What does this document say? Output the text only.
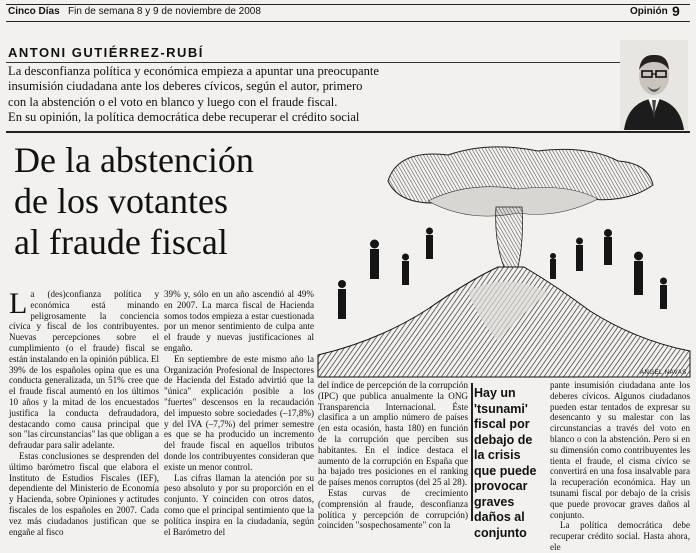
Cinco Días Fin de semana 8 y 9 de noviembre de 2008	Opinión 9
ANTONI GUTIÉRREZ-RUBÍ
La desconfianza política y económica empieza a apuntar una preocupante
insumisión ciudadana ante los deberes cívicos, según el autor, primero
con la abstención o el voto en blanco y luego con el fraude fiscal.
En su opinión, la política democrática debe recuperar el crédito social
De la abstención
de los votantes
al fraude fiscal
ÁNGEL NAVAS
Hay un 'tsunami' fiscal por debajo de la crisis que puede provocar graves daños al conjunto
L a (des)confianza política y económica está minando peligrosamente la conciencia cívica y fiscal de los contribuyentes. Nuevas percepciones sobre el cumplimiento (o el fraude) fiscal se están instalando en la opinión pública. El 39% de los españoles opina que es una conducta generalizada, un 51% cree que el fraude fiscal aumentó en los últimos 10 años y la mitad de los encuestados justifica la conducta defraudadora, destacando como causa principal que son "las circunstancias" las que obligan a defraudar para salir adelante.

Estas conclusiones se desprenden del último barómetro fiscal que elabora el Instituto de Estudios Fiscales (IEF), dependiente del Ministerio de Economía y Hacienda, sobre Opiniones y actitudes fiscales de los españoles en 2007. Cada vez más ciudadanos justifican que se engañe al fisco

39% y, sólo en un año ascendió al 49% en 2007. La marca fiscal de Hacienda somos todos empieza a estar cuestionada por un menor sentimiento de culpa ante el fraude y nuevas justificaciones al engaño.

En septiembre de este mismo año la Organización Profesional de Inspectores de Hacienda del Estado advirtió que la "única" explicación posible a los "fuertes" descensos en la recaudación del impuesto sobre sociedades (–17,8%) y del IVA (–7,7%) del primer semestre es que se ha producido un incremento del fraude fiscal en aquellos tributos donde los contribuyentes consideran que existe un menor control.

Las cifras llaman la atención por su peso absoluto y por su proporción en el conjunto. Y coinciden con otros datos, como que el principal sentimiento que la política inspira en la ciudadanía, según el Barómetro del

del índice de percepción de la corrupción (IPC) que publica anualmente la ONG Transparencia Internacional. Éste clasifica a un amplio número de países (en esta ocasión, hasta 180) en función de la corrupción que perciben sus habitantes. En el índice destaca el aumento de la corrupción en España que ha bajado tres posiciones en el ranking de países menos corruptos (del 25 al 28).

Estas curvas de crecimiento (comprensión al fraude, desconfianza política y percepción de corrupción) coinciden "sospechosamente" con la

pante insumisión ciudadana ante los deberes cívicos. Algunos ciudadanos pueden estar tentados de expresar su desencanto y su malestar con las circunstancias a través del voto en blanco o con la abstención. Pero si en su dimensión como contribuyentes les tienta el fraude, el cisma cívico se convertirá en una fosa insalvable para la recuperación económica. Hay un tsunami fiscal por debajo de la crisis que puede provocar graves daños al conjunto.

La política democrática debe recuperar crédito social. Hasta ahora, ele
